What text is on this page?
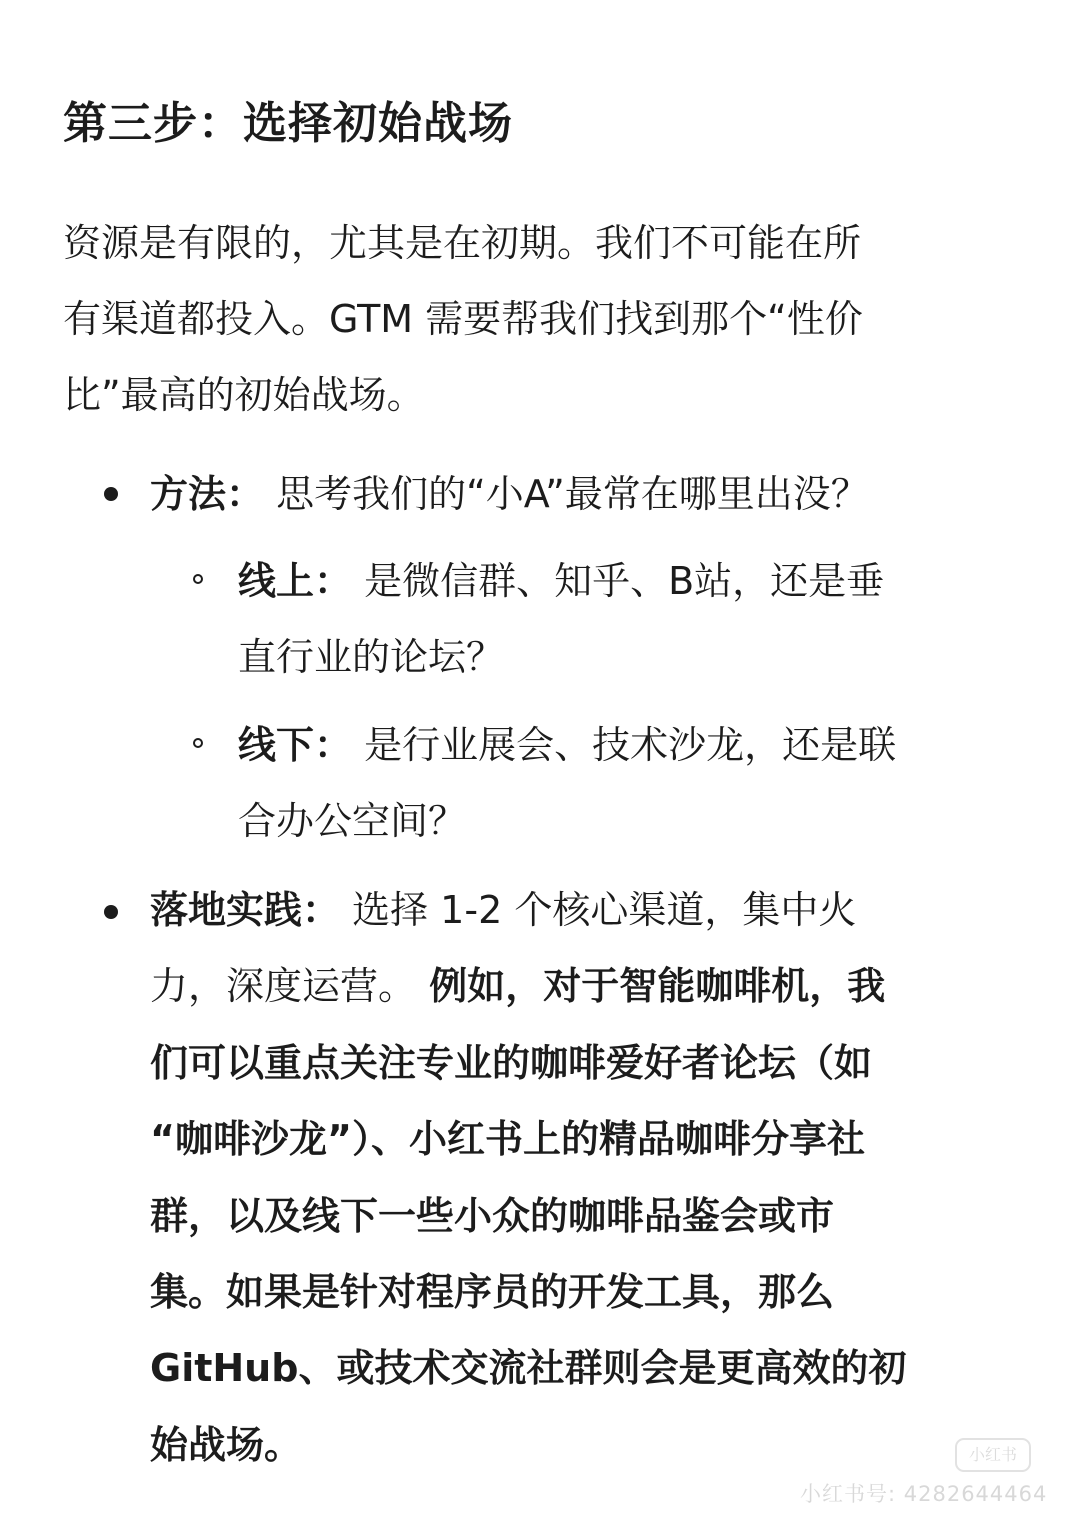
第三步：选择初始战场
资源是有限的，尤其是在初期。我们不可能在所
有渠道都投入。GTM 需要帮我们找到那个“性价
比”最高的初始战场。
方法： 思考我们的“小A”最常在哪里出没？
线上： 是微信群、知乎、B站，还是垂
直行业的论坛？
线下： 是行业展会、技术沙龙，还是联
合办公空间？
落地实践： 选择 1-2 个核心渠道，集中火
力，深度运营。 例如，对于智能咖啡机，我
们可以重点关注专业的咖啡爱好者论坛（如
“咖啡沙龙”）、小红书上的精品咖啡分享社
群，以及线下一些小众的咖啡品鉴会或市
集。如果是针对程序员的开发工具，那么
GitHub、或技术交流社群则会是更高效的初
始战场。	小红书
小红书号: 4282644464
